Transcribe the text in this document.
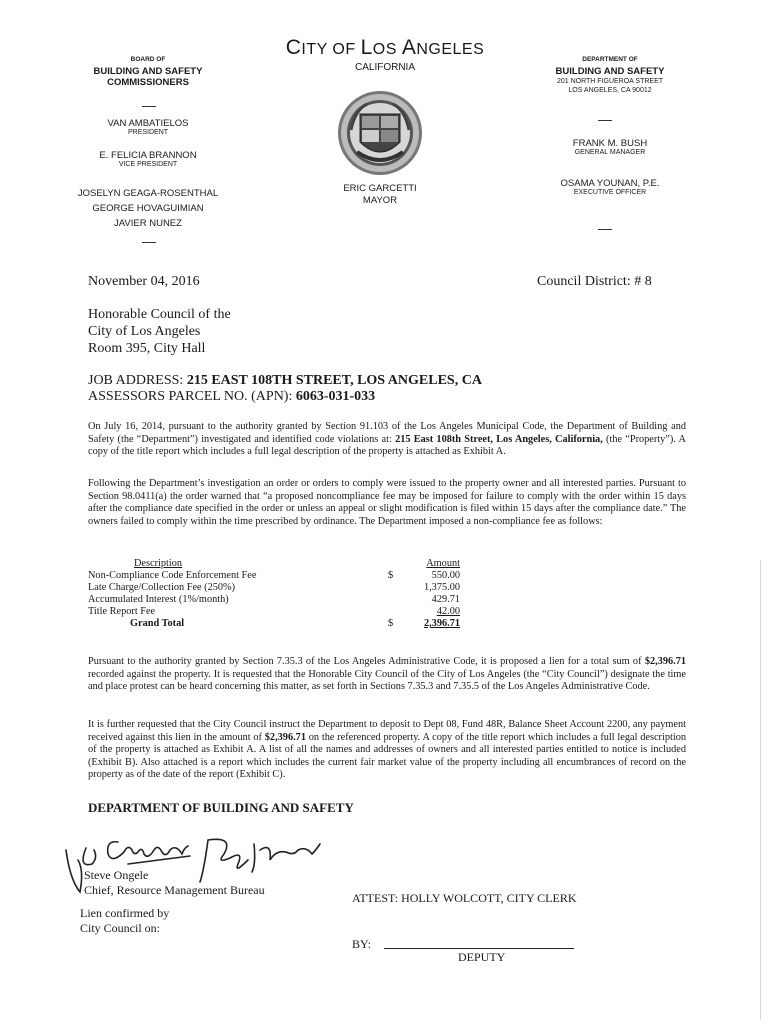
CITY OF LOS ANGELES
CALIFORNIA
BOARD OF
BUILDING AND SAFETY
COMMISSIONERS
VAN AMBATIELOS
PRESIDENT
E. FELICIA BRANNON
VICE PRESIDENT
JOSELYN GEAGA-ROSENTHAL
GEORGE HOVAGUIMIAN
JAVIER NUNEZ
ERIC GARCETTI
MAYOR
DEPARTMENT OF
BUILDING AND SAFETY
201 NORTH FIGUEROA STREET
LOS ANGELES, CA 90012
FRANK M. BUSH
GENERAL MANAGER
OSAMA YOUNAN, P.E.
EXECUTIVE OFFICER
November 04, 2016	Council District: # 8
Honorable Council of the
City of Los Angeles
Room 395, City Hall
JOB ADDRESS: 215 EAST 108TH STREET, LOS ANGELES, CA
ASSESSORS PARCEL NO. (APN): 6063-031-033
On July 16, 2014, pursuant to the authority granted by Section 91.103 of the Los Angeles Municipal Code, the Department of Building and Safety (the “Department”) investigated and identified code violations at: 215 East 108th Street, Los Angeles, California, (the “Property”). A copy of the title report which includes a full legal description of the property is attached as Exhibit A.
Following the Department’s investigation an order or orders to comply were issued to the property owner and all interested parties. Pursuant to Section 98.0411(a) the order warned that “a proposed noncompliance fee may be imposed for failure to comply with the order within 15 days after the compliance date specified in the order or unless an appeal or slight modification is filed within 15 days after the compliance date.” The owners failed to comply within the time prescribed by ordinance. The Department imposed a non-compliance fee as follows:
Description		Amount
Non-Compliance Code Enforcement Fee	$	550.00
Late Charge/Collection Fee (250%)		1,375.00
Accumulated Interest (1%/month)		429.71
Title Report Fee		42.00
Grand Total	$	2,396.71
Pursuant to the authority granted by Section 7.35.3 of the Los Angeles Administrative Code, it is proposed a lien for a total sum of $2,396.71 recorded against the property. It is requested that the Honorable City Council of the City of Los Angeles (the “City Council”) designate the time and place protest can be heard concerning this matter, as set forth in Sections 7.35.3 and 7.35.5 of the Los Angeles Administrative Code.
It is further requested that the City Council instruct the Department to deposit to Dept 08, Fund 48R, Balance Sheet Account 2200, any payment received against this lien in the amount of $2,396.71 on the referenced property. A copy of the title report which includes a full legal description of the property is attached as Exhibit A. A list of all the names and addresses of owners and all interested parties entitled to notice is included (Exhibit B). Also attached is a report which includes the current fair market value of the property including all encumbrances of record on the property as of the date of the report (Exhibit C).
DEPARTMENT OF BUILDING AND SAFETY
Steve Ongele
Chief, Resource Management Bureau
ATTEST: HOLLY WOLCOTT, CITY CLERK
Lien confirmed by
City Council on:
BY:
DEPUTY
